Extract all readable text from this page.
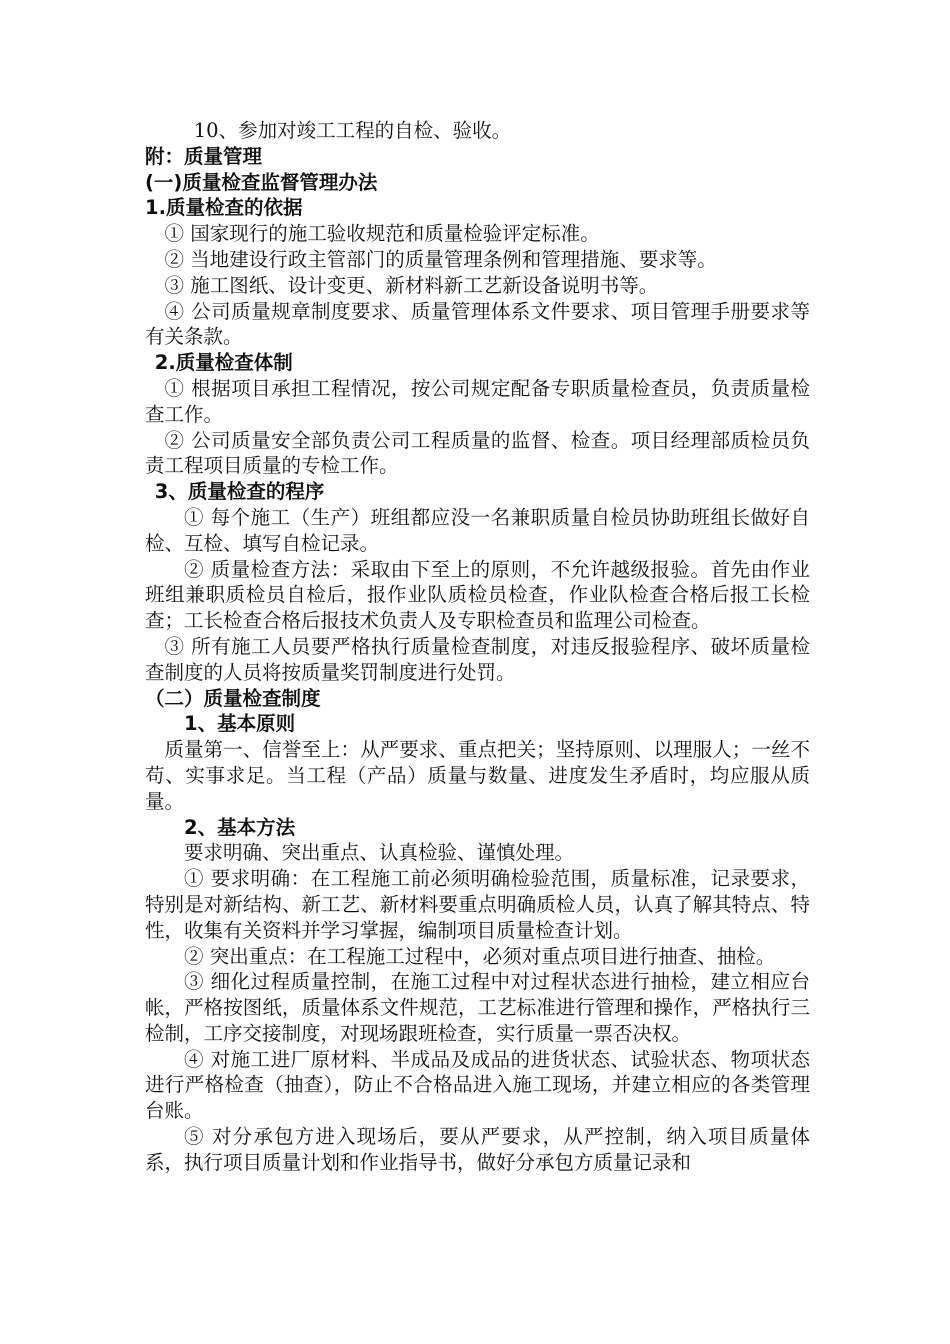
10、参加对竣工工程的自检、验收。

附：质量管理

(一)质量检查监督管理办法

1.质量检查的依据

① 国家现行的施工验收规范和质量检验评定标准。

② 当地建设行政主管部门的质量管理条例和管理措施、要求等。

③ 施工图纸、设计变更、新材料新工艺新设备说明书等。

④ 公司质量规章制度要求、质量管理体系文件要求、项目管理手册要求等有关条款。

2.质量检查体制

① 根据项目承担工程情况，按公司规定配备专职质量检查员，负责质量检查工作。

② 公司质量安全部负责公司工程质量的监督、检查。项目经理部质检员负责工程项目质量的专检工作。

3、质量检查的程序

① 每个施工（生产）班组都应没一名兼职质量自检员协助班组长做好自检、互检、填写自检记录。

② 质量检查方法：采取由下至上的原则，不允许越级报验。首先由作业班组兼职质检员自检后，报作业队质检员检查，作业队检查合格后报工长检查；工长检查合格后报技术负责人及专职检查员和监理公司检查。

③ 所有施工人员要严格执行质量检查制度，对违反报验程序、破坏质量检查制度的人员将按质量奖罚制度进行处罚。

（二）质量检查制度

1、基本原则

质量第一、信誉至上：从严要求、重点把关；坚持原则、以理服人；一丝不苟、实事求足。当工程（产品）质量与数量、进度发生矛盾时，均应服从质量。

2、基本方法

要求明确、突出重点、认真检验、谨慎处理。

① 要求明确：在工程施工前必须明确检验范围，质量标准，记录要求，特别是对新结构、新工艺、新材料要重点明确质检人员，认真了解其特点、特性，收集有关资料并学习掌握，编制项目质量检查计划。

② 突出重点：在工程施工过程中，必须对重点项目进行抽查、抽检。

③ 细化过程质量控制，在施工过程中对过程状态进行抽检，建立相应台帐，严格按图纸，质量体系文件规范，工艺标准进行管理和操作，严格执行三检制，工序交接制度，对现场跟班检查，实行质量一票否决权。

④ 对施工进厂原材料、半成品及成品的进货状态、试验状态、物项状态进行严格检查（抽查），防止不合格品进入施工现场，并建立相应的各类管理台账。

⑤ 对分承包方进入现场后，要从严要求，从严控制，纳入项目质量体系，执行项目质量计划和作业指导书，做好分承包方质量记录和
